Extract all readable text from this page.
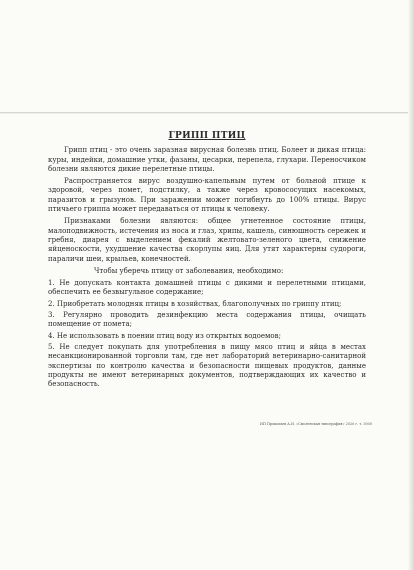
ГРИПП ПТИЦ

Грипп птиц - это очень заразная вирусная болезнь птиц. Болеет и дикая птица: куры, индейки, домашние утки, фазаны, цесарки, перепела, глухари. Переносчиком болезни являются дикие перелетные птицы.

Распространяется вирус воздушно-капельным путем от больной птице к здоровой, через помет, подстилку, а также через кровососущих насекомых, паразитов и грызунов. При заражении может погибнуть до 100% птицы. Вирус птичьего гриппа может передаваться от птицы к человеку.

Признаками болезни являются: общее угнетенное состояние птицы, малоподвижность, истечения из носа и глаз, хрипы, кашель, синюшность сережек и гребня, диарея с выделением фекалий желтовато-зеленого цвета, снижение яйценоскости, ухудшение качества скорлупы яиц. Для утят характерны судороги, параличи шеи, крыльев, конечностей.

Чтобы уберечь птицу от заболевания, необходимо:

1. Не допускать контакта домашней птицы с дикими и перелетными птицами, обеспечить ее безвыгульное содержание;

2. Приобретать молодняк птицы в хозяйствах, благополучных по гриппу птиц;

3. Регулярно проводить дезинфекцию места содержания птицы, очищать помещение от помета;

4. Не использовать в поении птиц воду из открытых водоемов;

5. Не следует покупать для употребления в пищу мясо птиц и яйца в местах несанкционированной торговли там, где нет лабораторий ветеринарно-санитарной экспертизы по контролю качества и безопасности пищевых продуктов, данные продукты не имеют ветеринарных документов, подтверждающих их качество и безопасность.

ИП Прокопьев А.И. «Смоленская типография» 2020 г. т. 3000
